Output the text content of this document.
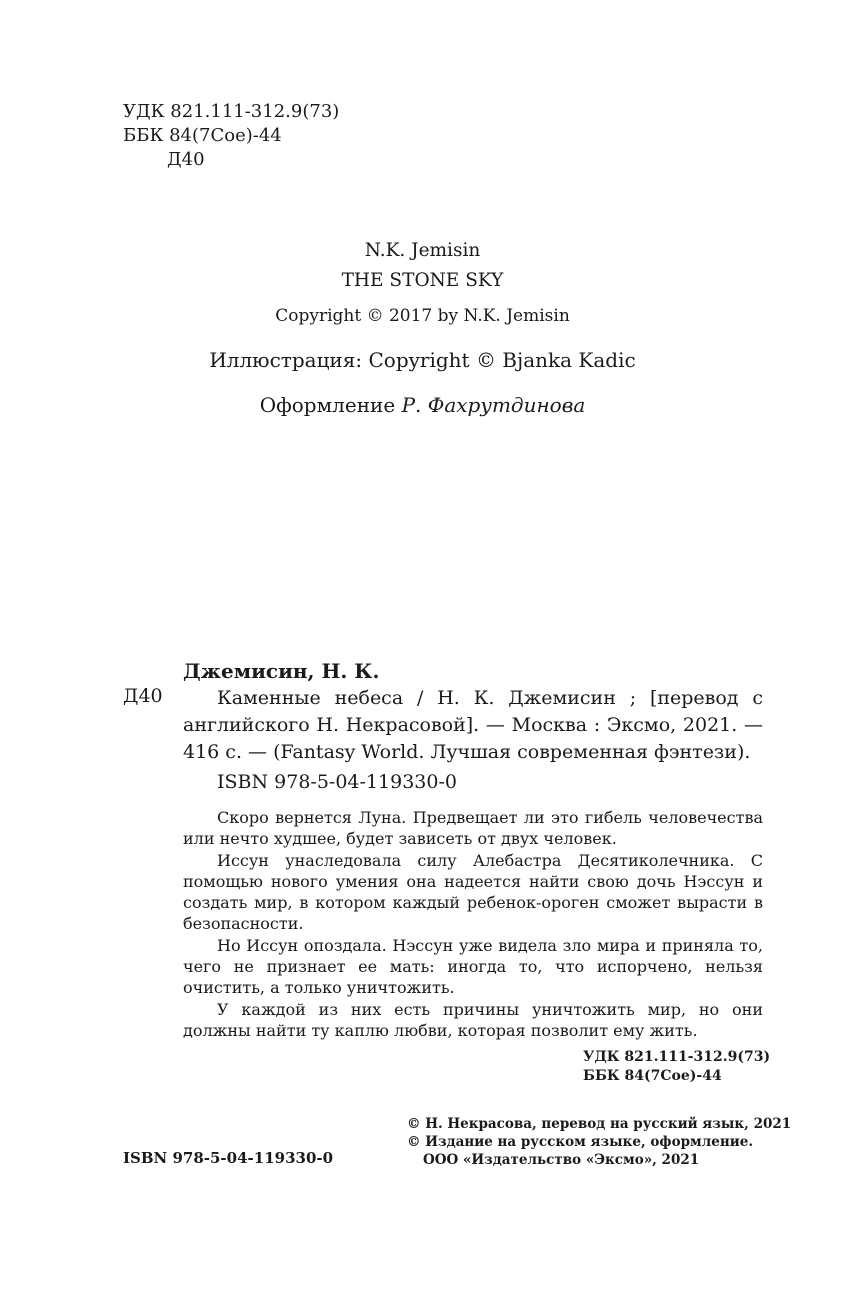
УДК 821.111-312.9(73)
ББК 84(7Сое)-44
Д40
N.K. Jemisin
THE STONE SKY
Copyright © 2017 by N.K. Jemisin
Иллюстрация: Copyright © Bjanka Kadic
Оформление Р. Фахрутдинова
Джемисин, Н. К.
Д40	Каменные небеса / Н. К. Джемисин ; [перевод с английского Н. Некрасовой]. — Москва : Эксмо, 2021. — 416 с. — (Fantasy World. Лучшая современная фэнтези).

ISBN 978-5-04-119330-0

Скоро вернется Луна. Предвещает ли это гибель человечества или нечто худшее, будет зависеть от двух человек.

Иссун унаследовала силу Алебастра Десятиколечника. С помощью нового умения она надеется найти свою дочь Нэссун и создать мир, в котором каждый ребенок-ороген сможет вырасти в безопасности.

Но Иссун опоздала. Нэссун уже видела зло мира и приняла то, чего не признает ее мать: иногда то, что испорчено, нельзя очистить, а только уничтожить.

У каждой из них есть причины уничтожить мир, но они должны найти ту каплю любви, которая позволит ему жить.

УДК 821.111-312.9(73)
ББК 84(7Сое)-44
© Н. Некрасова, перевод на русский язык, 2021
© Издание на русском языке, оформление.
ООО «Издательство «Эксмо», 2021
ISBN 978-5-04-119330-0
